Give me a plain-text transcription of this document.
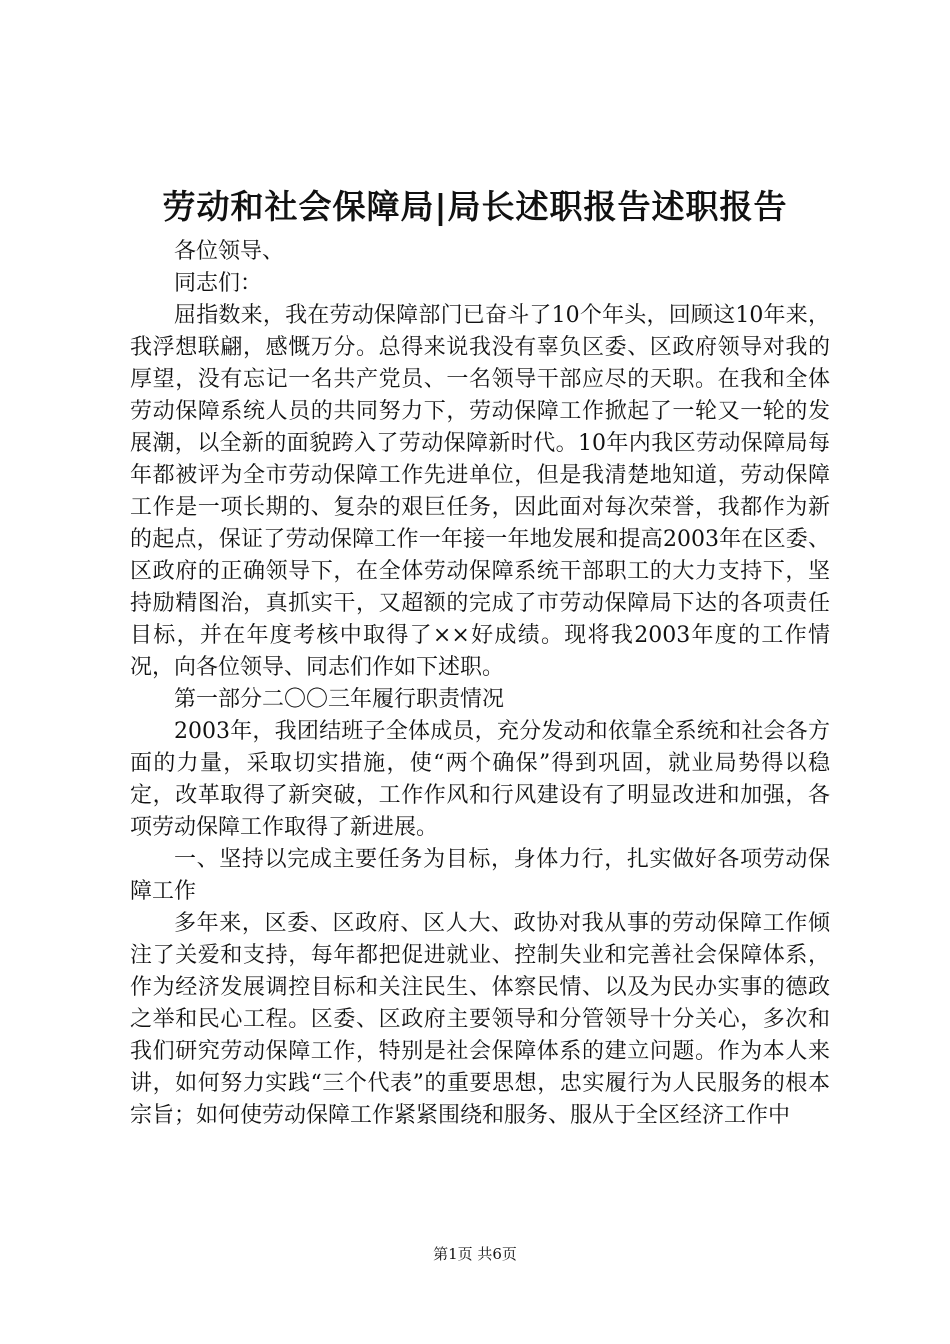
劳动和社会保障局|局长述职报告述职报告

各位领导、

同志们：

屈指数来，我在劳动保障部门已奋斗了10个年头，回顾这10年来，我浮想联翩，感慨万分。总得来说我没有辜负区委、区政府领导对我的厚望，没有忘记一名共产党员、一名领导干部应尽的天职。在我和全体劳动保障系统人员的共同努力下，劳动保障工作掀起了一轮又一轮的发展潮，以全新的面貌跨入了劳动保障新时代。10年内我区劳动保障局每年都被评为全市劳动保障工作先进单位，但是我清楚地知道，劳动保障工作是一项长期的、复杂的艰巨任务，因此面对每次荣誉，我都作为新的起点，保证了劳动保障工作一年接一年地发展和提高2003年在区委、区政府的正确领导下，在全体劳动保障系统干部职工的大力支持下，坚持励精图治，真抓实干，又超额的完成了市劳动保障局下达的各项责任目标，并在年度考核中取得了××好成绩。现将我2003年度的工作情况，向各位领导、同志们作如下述职。

第一部分二〇〇三年履行职责情况

2003年，我团结班子全体成员，充分发动和依靠全系统和社会各方面的力量，采取切实措施，使“两个确保”得到巩固，就业局势得以稳定，改革取得了新突破，工作作风和行风建设有了明显改进和加强，各项劳动保障工作取得了新进展。

一、坚持以完成主要任务为目标，身体力行，扎实做好各项劳动保障工作

多年来，区委、区政府、区人大、政协对我从事的劳动保障工作倾注了关爱和支持，每年都把促进就业、控制失业和完善社会保障体系，作为经济发展调控目标和关注民生、体察民情、以及为民办实事的德政之举和民心工程。区委、区政府主要领导和分管领导十分关心，多次和我们研究劳动保障工作，特别是社会保障体系的建立问题。作为本人来讲，如何努力实践“三个代表”的重要思想，忠实履行为人民服务的根本宗旨；如何使劳动保障工作紧紧围绕和服务、服从于全区经济工作中

第1页 共6页
